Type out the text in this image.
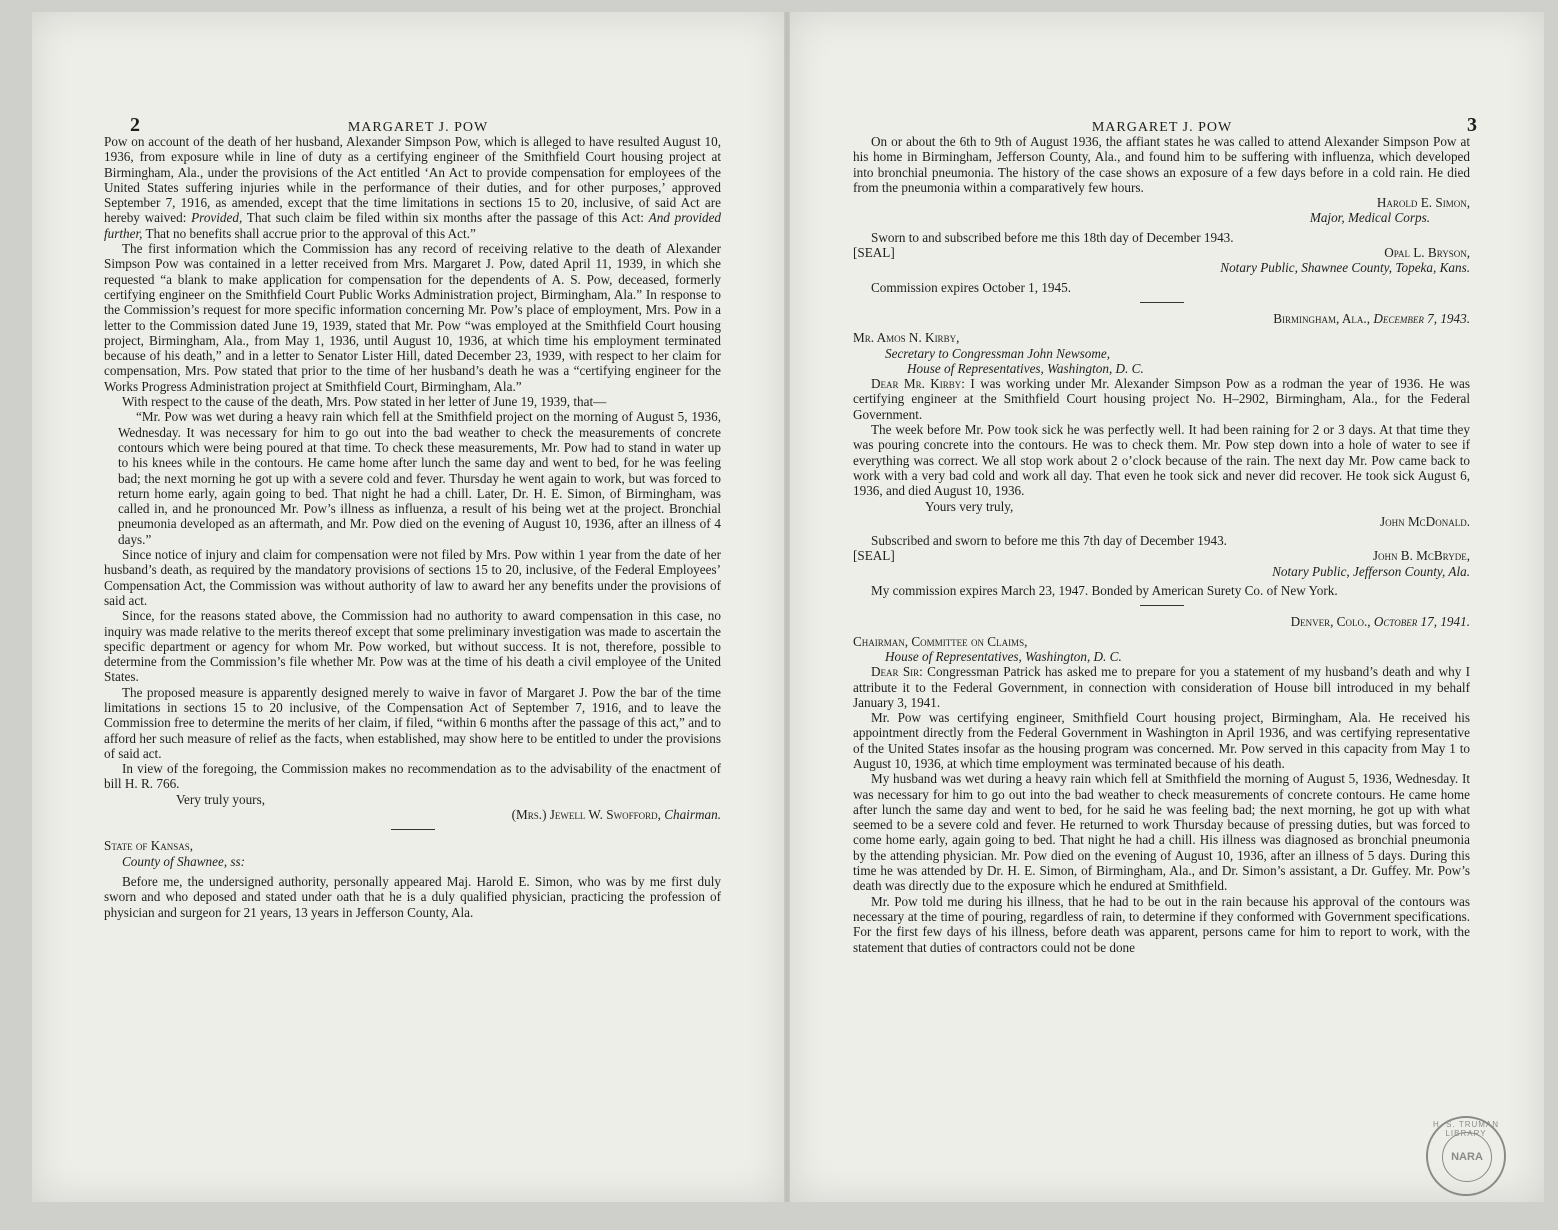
2	MARGARET J. POW

Pow on account of the death of her husband, Alexander Simpson Pow, which is alleged to have resulted August 10, 1936, from exposure while in line of duty as a certifying engineer of the Smithfield Court housing project at Birmingham, Ala., under the provisions of the Act entitled ‘An Act to provide compensation for employees of the United States suffering injuries while in the performance of their duties, and for other purposes,’ approved September 7, 1916, as amended, except that the time limitations in sections 15 to 20, inclusive, of said Act are hereby waived: Provided, That such claim be filed within six months after the passage of this Act: And provided further, That no benefits shall accrue prior to the approval of this Act.”

The first information which the Commission has any record of receiving relative to the death of Alexander Simpson Pow was contained in a letter received from Mrs. Margaret J. Pow, dated April 11, 1939, in which she requested “a blank to make application for compensation for the dependents of A. S. Pow, deceased, formerly certifying engineer on the Smithfield Court Public Works Administration project, Birmingham, Ala.” In response to the Commission’s request for more specific information concerning Mr. Pow’s place of employment, Mrs. Pow in a letter to the Commission dated June 19, 1939, stated that Mr. Pow “was employed at the Smithfield Court housing project, Birmingham, Ala., from May 1, 1936, until August 10, 1936, at which time his employment terminated because of his death,” and in a letter to Senator Lister Hill, dated December 23, 1939, with respect to her claim for compensation, Mrs. Pow stated that prior to the time of her husband’s death he was a “certifying engineer for the Works Progress Administration project at Smithfield Court, Birmingham, Ala.”

With respect to the cause of the death, Mrs. Pow stated in her letter of June 19, 1939, that—

“Mr. Pow was wet during a heavy rain which fell at the Smithfield project on the morning of August 5, 1936, Wednesday. It was necessary for him to go out into the bad weather to check the measurements of concrete contours which were being poured at that time. To check these measurements, Mr. Pow had to stand in water up to his knees while in the contours. He came home after lunch the same day and went to bed, for he was feeling bad; the next morning he got up with a severe cold and fever. Thursday he went again to work, but was forced to return home early, again going to bed. That night he had a chill. Later, Dr. H. E. Simon, of Birmingham, was called in, and he pronounced Mr. Pow’s illness as influenza, a result of his being wet at the project. Bronchial pneumonia developed as an aftermath, and Mr. Pow died on the evening of August 10, 1936, after an illness of 4 days.”

Since notice of injury and claim for compensation were not filed by Mrs. Pow within 1 year from the date of her husband’s death, as required by the mandatory provisions of sections 15 to 20, inclusive, of the Federal Employees’ Compensation Act, the Commission was without authority of law to award her any benefits under the provisions of said act.

Since, for the reasons stated above, the Commission had no authority to award compensation in this case, no inquiry was made relative to the merits thereof except that some preliminary investigation was made to ascertain the specific department or agency for whom Mr. Pow worked, but without success. It is not, therefore, possible to determine from the Commission’s file whether Mr. Pow was at the time of his death a civil employee of the United States.

The proposed measure is apparently designed merely to waive in favor of Margaret J. Pow the bar of the time limitations in sections 15 to 20 inclusive, of the Compensation Act of September 7, 1916, and to leave the Commission free to determine the merits of her claim, if filed, “within 6 months after the passage of this act,” and to afford her such measure of relief as the facts, when established, may show here to be entitled to under the provisions of said act.

In view of the foregoing, the Commission makes no recommendation as to the advisability of the enactment of bill H. R. 766.

Very truly yours,

(Mrs.) Jewell W. Swofford, Chairman.

State of Kansas,

County of Shawnee, ss:

Before me, the undersigned authority, personally appeared Maj. Harold E. Simon, who was by me first duly sworn and who deposed and stated under oath that he is a duly qualified physician, practicing the profession of physician and surgeon for 21 years, 13 years in Jefferson County, Ala.

MARGARET J. POW	3

On or about the 6th to 9th of August 1936, the affiant states he was called to attend Alexander Simpson Pow at his home in Birmingham, Jefferson County, Ala., and found him to be suffering with influenza, which developed into bronchial pneumonia. The history of the case shows an exposure of a few days before in a cold rain. He died from the pneumonia within a comparatively few hours.

Harold E. Simon,

Major, Medical Corps.

Sworn to and subscribed before me this 18th day of December 1943.

[SEAL]	Opal L. Bryson,
Notary Public, Shawnee County, Topeka, Kans.

Commission expires October 1, 1945.

Birmingham, Ala., December 7, 1943.

Mr. Amos N. Kirby,

Secretary to Congressman John Newsome,

House of Representatives, Washington, D. C.

Dear Mr. Kirby: I was working under Mr. Alexander Simpson Pow as a rodman the year of 1936. He was certifying engineer at the Smithfield Court housing project No. H–2902, Birmingham, Ala., for the Federal Government.

The week before Mr. Pow took sick he was perfectly well. It had been raining for 2 or 3 days. At that time they was pouring concrete into the contours. He was to check them. Mr. Pow step down into a hole of water to see if everything was correct. We all stop work about 2 o’clock because of the rain. The next day Mr. Pow came back to work with a very bad cold and work all day. That even he took sick and never did recover. He took sick August 6, 1936, and died August 10, 1936.

Yours very truly,

John McDonald.

Subscribed and sworn to before me this 7th day of December 1943.

[SEAL]	John B. McBryde,
Notary Public, Jefferson County, Ala.

My commission expires March 23, 1947. Bonded by American Surety Co. of New York.

Denver, Colo., October 17, 1941.

Chairman, Committee on Claims,

House of Representatives, Washington, D. C.

Dear Sir: Congressman Patrick has asked me to prepare for you a statement of my husband’s death and why I attribute it to the Federal Government, in connection with consideration of House bill introduced in my behalf January 3, 1941.

Mr. Pow was certifying engineer, Smithfield Court housing project, Birmingham, Ala. He received his appointment directly from the Federal Government in Washington in April 1936, and was certifying representative of the United States insofar as the housing program was concerned. Mr. Pow served in this capacity from May 1 to August 10, 1936, at which time employment was terminated because of his death.

My husband was wet during a heavy rain which fell at Smithfield the morning of August 5, 1936, Wednesday. It was necessary for him to go out into the bad weather to check measurements of concrete contours. He came home after lunch the same day and went to bed, for he said he was feeling bad; the next morning, he got up with what seemed to be a severe cold and fever. He returned to work Thursday because of pressing duties, but was forced to come home early, again going to bed. That night he had a chill. His illness was diagnosed as bronchial pneumonia by the attending physician. Mr. Pow died on the evening of August 10, 1936, after an illness of 5 days. During this time he was attended by Dr. H. E. Simon, of Birmingham, Ala., and Dr. Simon’s assistant, a Dr. Guffey. Mr. Pow’s death was directly due to the exposure which he endured at Smithfield.

Mr. Pow told me during his illness, that he had to be out in the rain because his approval of the contours was necessary at the time of pouring, regardless of rain, to determine if they conformed with Government specifications. For the first few days of his illness, before death was apparent, persons came for him to report to work, with the statement that duties of contractors could not be done

H. S. TRUMAN LIBRARY
NARA
